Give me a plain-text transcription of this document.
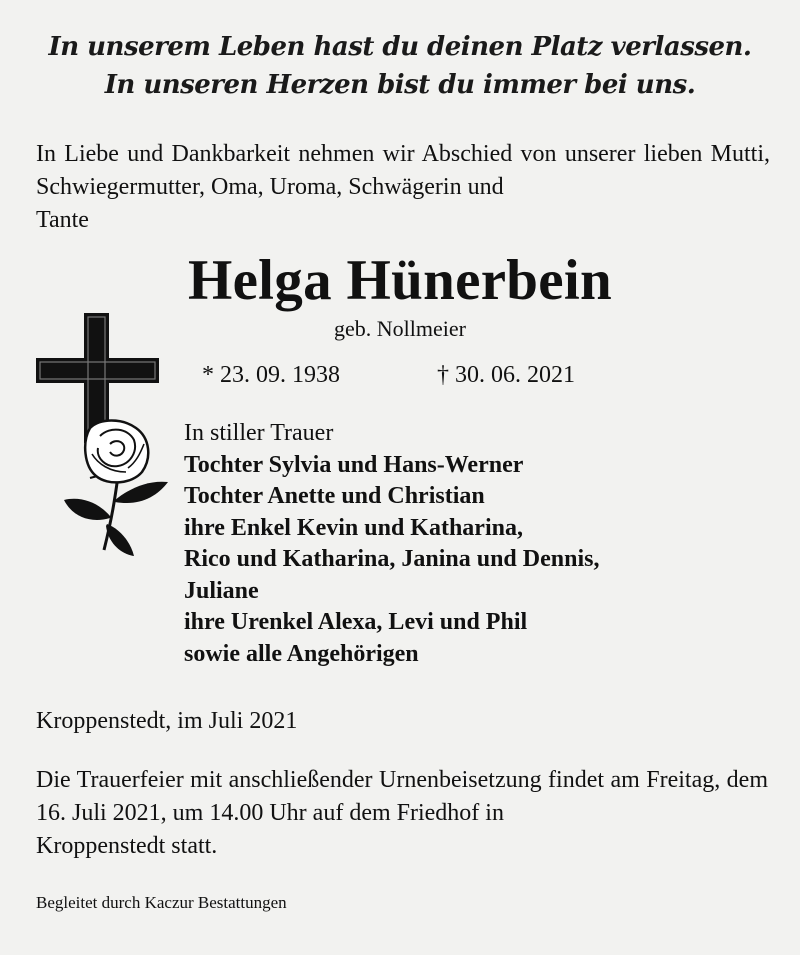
In unserem Leben hast du deinen Platz verlassen.
In unseren Herzen bist du immer bei uns.
In Liebe und Dankbarkeit nehmen wir Abschied von unserer lieben Mutti, Schwiegermutter, Oma, Uroma, Schwägerin und
Tante
Helga Hünerbein
geb. Nollmeier
* 23. 09. 1938	† 30. 06. 2021
In stiller Trauer
Tochter Sylvia und Hans-Werner
Tochter Anette und Christian
ihre Enkel Kevin und Katharina,
Rico und Katharina, Janina und Dennis,
Juliane
ihre Urenkel Alexa, Levi und Phil
sowie alle Angehörigen
Kroppenstedt, im Juli 2021
Die Trauerfeier mit anschließender Urnenbeisetzung findet am Freitag, dem 16. Juli 2021, um 14.00 Uhr auf dem Friedhof in
Kroppenstedt statt.
Begleitet durch Kaczur Bestattungen
